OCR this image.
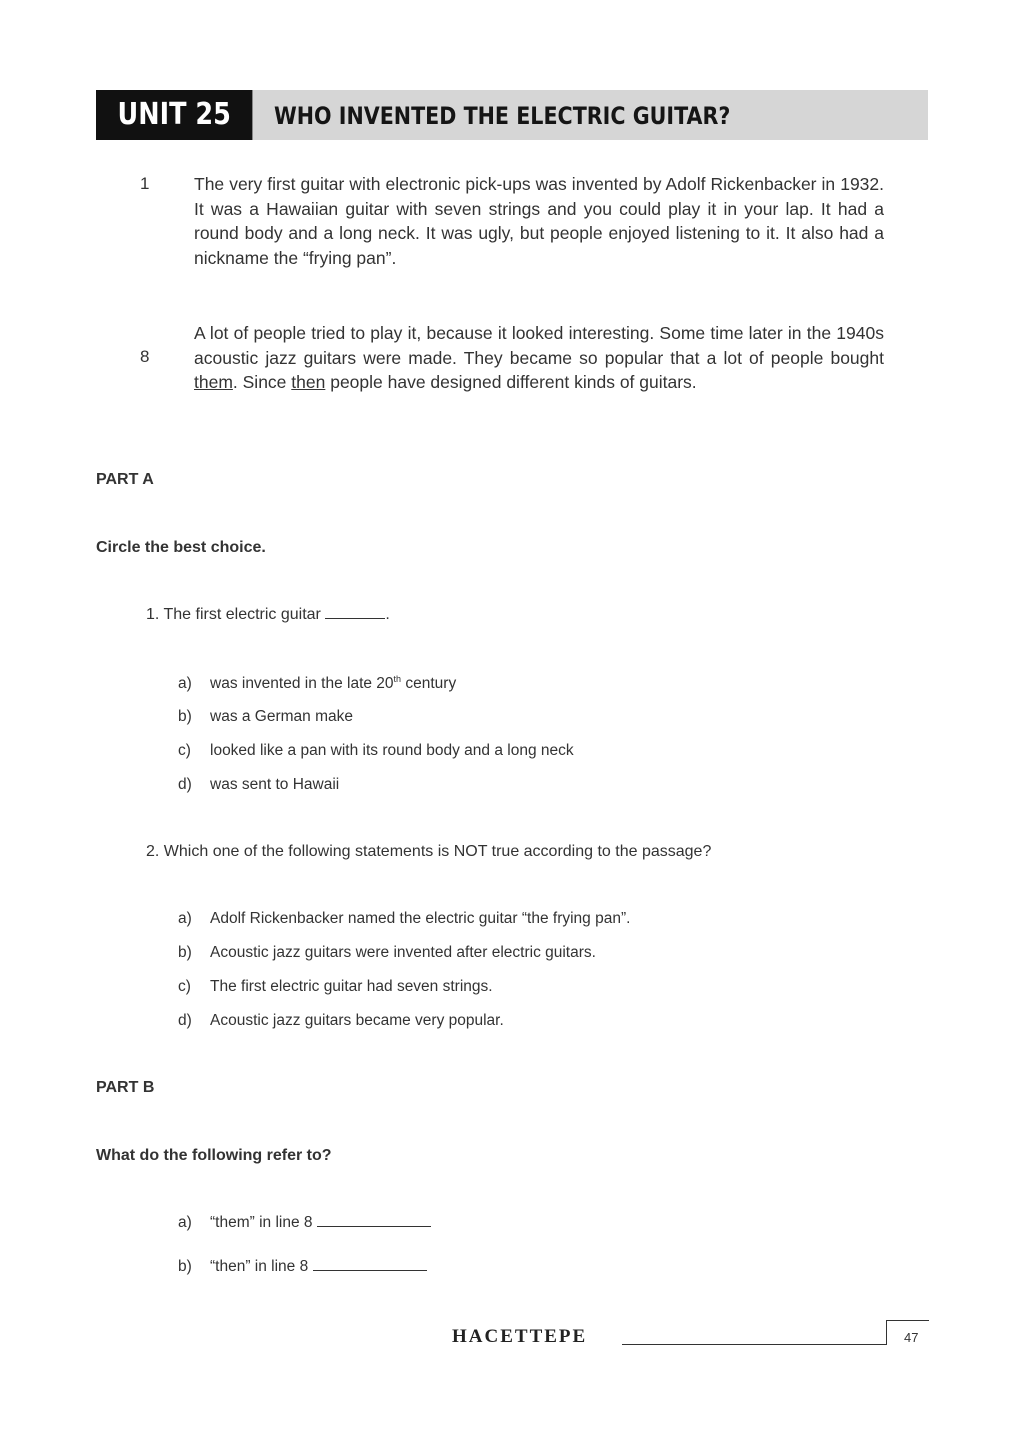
UNIT 25	WHO INVENTED THE ELECTRIC GUITAR?
1	The very first guitar with electronic pick-ups was invented by Adolf Rickenbacker in 1932. It was a Hawaiian guitar with seven strings and you could play it in your lap. It had a round body and a long neck. It was ugly, but people enjoyed listening to it. It also had a nickname the “frying pan”.
8
A lot of people tried to play it, because it looked interesting. Some time later in the 1940s acoustic jazz guitars were made. They became so popular that a lot of people bought them. Since then people have designed different kinds of guitars.
PART A
Circle the best choice.
1. The first electric guitar	.
a) was invented in the late 20th century
b) was a German make
c) looked like a pan with its round body and a long neck
d) was sent to Hawaii
2. Which one of the following statements is NOT true according to the passage?
a) Adolf Rickenbacker named the electric guitar “the frying pan”.
b) Acoustic jazz guitars were invented after electric guitars.
c) The first electric guitar had seven strings.
d) Acoustic jazz guitars became very popular.
PART B
What do the following refer to?
a) “them” in line 8
b) “then” in line 8
HACETTEPE	47
